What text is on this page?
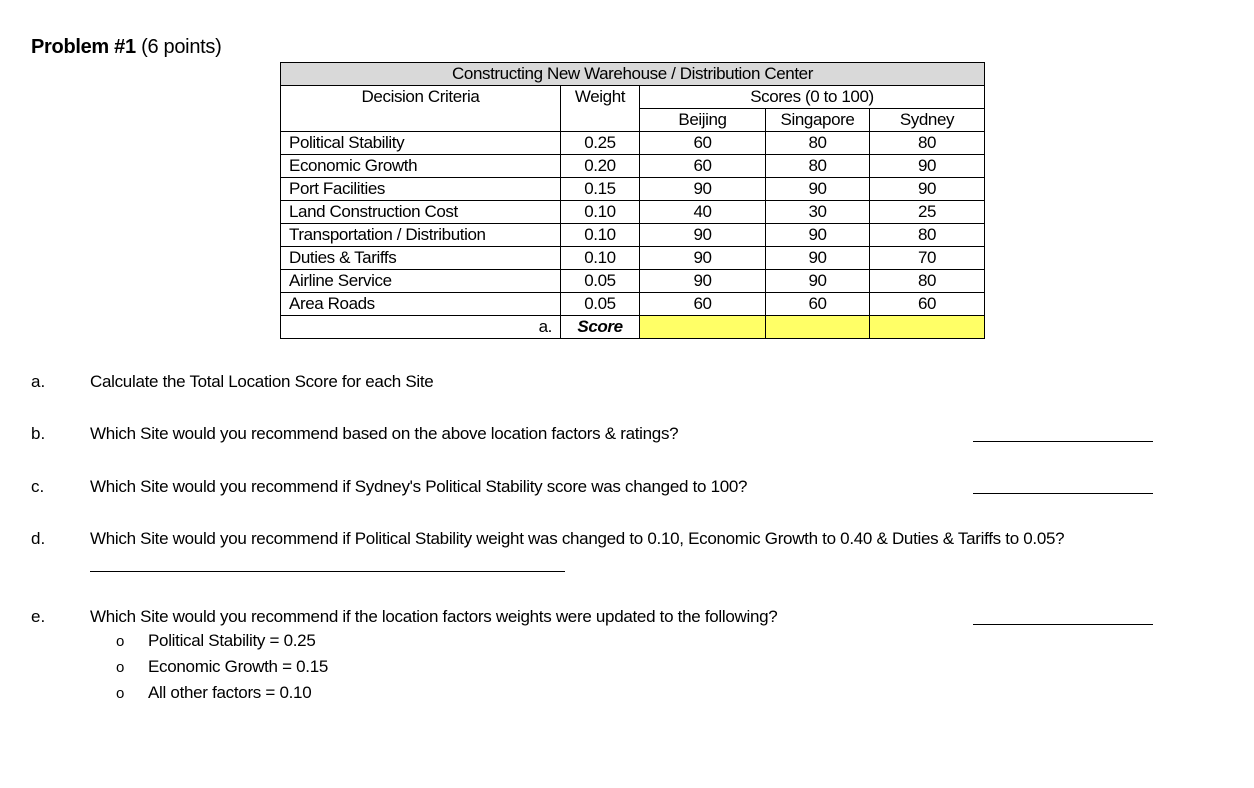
Problem #1 (6 points)
Constructing New Warehouse / Distribution Center				
Decision Criteria	Weight	Scores (0 to 100)		
		Beijing	Singapore	Sydney
Political Stability	0.25	60	80	80
Economic Growth	0.20	60	80	90
Port Facilities	0.15	90	90	90
Land Construction Cost	0.10	40	30	25
Transportation / Distribution	0.10	90	90	80
Duties & Tariffs	0.10	90	90	70
Airline Service	0.05	90	90	80
Area Roads	0.05	60	60	60
a.	Score			
a.	Calculate the Total Location Score for each Site
b.	Which Site would you recommend based on the above location factors & ratings?
c.	Which Site would you recommend if Sydney's Political Stability score was changed to 100?
d.	Which Site would you recommend if Political Stability weight was changed to 0.10, Economic Growth to 0.40 & Duties & Tariffs to 0.05?
e.	Which Site would you recommend if the location factors weights were updated to the following?
o Political Stability = 0.25
o Economic Growth = 0.15
o All other factors = 0.10
